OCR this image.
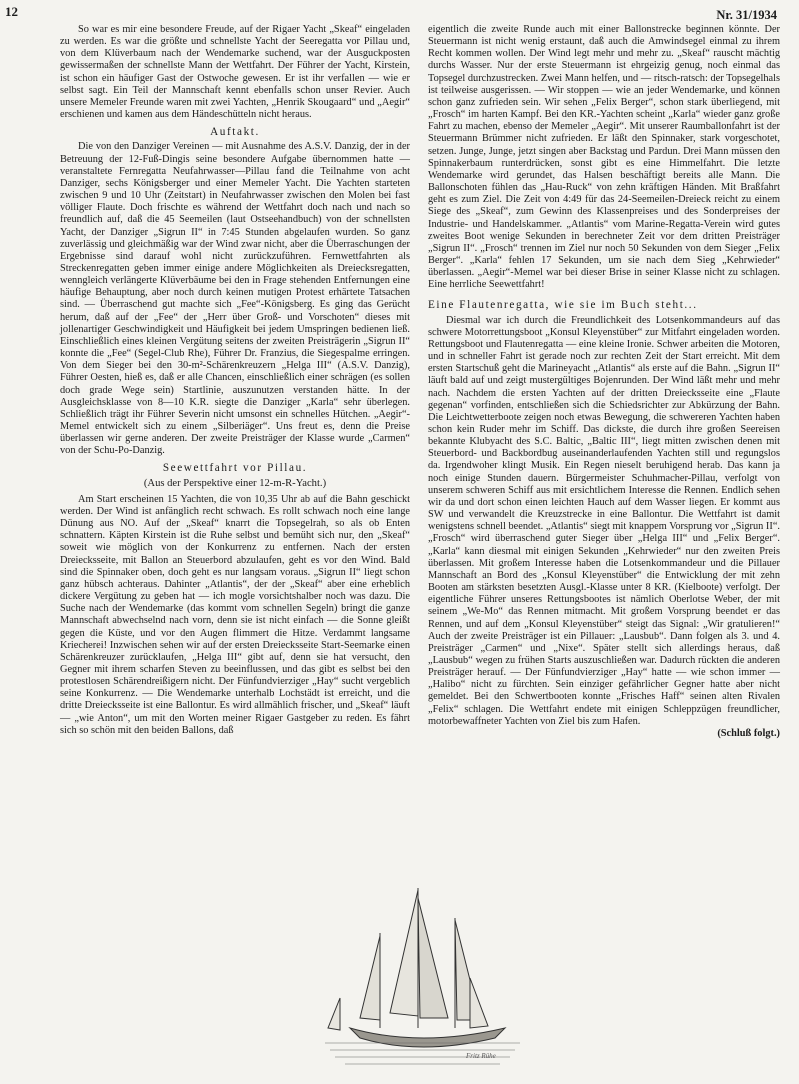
12	Nr. 31/1934

So war es mir eine besondere Freude, auf der Rigaer Yacht „Skeaf“ eingeladen zu werden. Es war die größte und schnellste Yacht der Seeregatta vor Pillau und, von dem Klüverbaum nach der Wendemarke suchend, war der Ausguckposten gewissermaßen der schnellste Mann der Wettfahrt. Der Führer der Yacht, Kirstein, ist schon ein häufiger Gast der Ostwoche gewesen. Er ist ihr verfallen — wie er selbst sagt. Ein Teil der Mannschaft kennt ebenfalls schon unser Revier. Auch unsere Memeler Freunde waren mit zwei Yachten, „Henrik Skougaard“ und „Aegir“ erschienen und kamen aus dem Händeschütteln nicht heraus.

Auftakt.

Die von den Danziger Vereinen — mit Ausnahme des A.S.V. Danzig, der in der Betreuung der 12-Fuß-Dingis seine besondere Aufgabe übernommen hatte — veranstaltete Fernregatta Neufahrwasser—Pillau fand die Teilnahme von acht Danziger, sechs Königsberger und einer Memeler Yacht. Die Yachten starteten zwischen 9 und 10 Uhr (Zeitstart) in Neufahrwasser zwischen den Molen bei fast völliger Flaute. Doch frischte es während der Wettfahrt doch nach und nach so freundlich auf, daß die 45 Seemeilen (laut Ostseehandbuch) von der schnellsten Yacht, der Danziger „Sigrun II“ in 7:45 Stunden abgelaufen wurden. So ganz zuverlässig und gleichmäßig war der Wind zwar nicht, aber die Überraschungen der Ergebnisse sind darauf wohl nicht zurückzuführen. Fernwettfahrten als Streckenregatten geben immer einige andere Möglichkeiten als Dreiecksregatten, wenngleich verlängerte Klüverbäume bei den in Frage stehenden Entfernungen eine häufige Behauptung, aber noch durch keinen mutigen Protest erhärtete Tatsachen sind. — Überraschend gut machte sich „Fee“-Königsberg. Es ging das Gerücht herum, daß auf der „Fee“ der „Herr über Groß- und Vorschoten“ dieses mit jollenartiger Geschwindigkeit und Häufigkeit bei jedem Umspringen bedienen ließ. Einschließlich eines kleinen Vergütung seitens der zweiten Preisträgerin „Sigrun II“ konnte die „Fee“ (Segel-Club Rhe), Führer Dr. Franzius, die Siegespalme erringen. Von dem Sieger bei den 30-m²-Schärenkreuzern „Helga III“ (A.S.V. Danzig), Führer Oesten, hieß es, daß er alle Chancen, einschließlich einer schrägen (es sollen doch grade Wege sein) Startlinie, auszunutzen verstanden hätte. In der Ausgleichsklasse von 8—10 K.R. siegte die Danziger „Karla“ sehr überlegen. Schließlich trägt ihr Führer Severin nicht umsonst ein schnelles Hütchen. „Aegir“-Memel entwickelt sich zu einem „Silberiäger“. Uns freut es, denn die Preise überlassen wir gerne anderen. Der zweite Preisträger der Klasse wurde „Carmen“ von der Schu-Po-Danzig.

Seewettfahrt vor Pillau.
(Aus der Perspektive einer 12-m-R-Yacht.)

Am Start erscheinen 15 Yachten, die von 10,35 Uhr ab auf die Bahn geschickt werden. Der Wind ist anfänglich recht schwach. Es rollt schwach noch eine lange Dünung aus NO. Auf der „Skeaf“ knarrt die Topsegelrah, so als ob Enten schnattern. Käpten Kirstein ist die Ruhe selbst und bemüht sich nur, den „Skeaf“ soweit wie möglich von der Konkurrenz zu entfernen. Nach der ersten Dreiecksseite, mit Ballon an Steuerbord abzulaufen, geht es vor den Wind. Bald sind die Spinnaker oben, doch geht es nur langsam voraus. „Sigrun II“ liegt schon ganz hübsch achteraus. Dahinter „Atlantis“, der der „Skeaf“ aber eine erheblich dickere Vergütung zu geben hat — ich mogle vorsichtshalber noch was dazu. Die Suche nach der Wendemarke (das kommt vom schnellen Segeln) bringt die ganze Mannschaft abwechselnd nach vorn, denn sie ist nicht einfach — die Sonne gleißt gegen die Küste, und vor den Augen flimmert die Hitze. Verdammt langsame Kriecherei! Inzwischen sehen wir auf der ersten Dreiecksseite Start-Seemarke einen Schärenkreuzer zurücklaufen, „Helga III“ gibt auf, denn sie hat versucht, den Gegner mit ihrem scharfen Steven zu beeinflussen, und das gibt es selbst bei den protestlosen Schärendreißigern nicht. Der Fünfundvierziger „Hay“ sucht vergeblich seine Konkurrenz. — Die Wendemarke unterhalb Lochstädt ist erreicht, und die dritte Dreiecksseite ist eine Ballontur. Es wird allmählich frischer, und „Skeaf“ läuft — „wie Anton“, um mit den Worten meiner Rigaer Gastgeber zu reden. Es fährt sich so schön mit den beiden Ballons, daß

eigentlich die zweite Runde auch mit einer Ballonstrecke beginnen könnte. Der Steuermann ist nicht wenig erstaunt, daß auch die Amwindsegel einmal zu ihrem Recht kommen wollen. Der Wind legt mehr und mehr zu. „Skeaf“ rauscht mächtig durchs Wasser. Nur der erste Steuermann ist ehrgeizig genug, noch einmal das Topsegel durchzustrecken. Zwei Mann helfen, und — ritsch-ratsch: der Topsegelhals ist teilweise ausgerissen. — Wir stoppen — wie an jeder Wendemarke, und können schon ganz zufrieden sein. Wir sehen „Felix Berger“, schon stark überliegend, mit „Frosch“ im harten Kampf. Bei den KR.-Yachten scheint „Karla“ wieder ganz große Fahrt zu machen, ebenso der Memeler „Aegir“. Mit unserer Raumballonfahrt ist der Steuermann Brümmer nicht zufrieden. Er läßt den Spinnaker, stark vorgeschotet, setzen. Junge, Junge, jetzt singen aber Backstag und Pardun. Drei Mann müssen den Spinnakerbaum runterdrücken, sonst gibt es eine Himmelfahrt. Die letzte Wendemarke wird gerundet, das Halsen beschäftigt bereits alle Mann. Die Ballonschoten fühlen das „Hau-Ruck“ von zehn kräftigen Händen. Mit Braßfahrt geht es zum Ziel. Die Zeit von 4:49 für das 24-Seemeilen-Dreieck reicht zu einem Siege des „Skeaf“, zum Gewinn des Klassenpreises und des Sonderpreises der Industrie- und Handelskammer. „Atlantis“ vom Marine-Regatta-Verein wird gutes zweites Boot wenige Sekunden in berechneter Zeit vor dem dritten Preisträger „Sigrun II“. „Frosch“ trennen im Ziel nur noch 50 Sekunden von dem Sieger „Felix Berger“. „Karla“ fehlen 17 Sekunden, um sie nach dem Sieg „Kehrwieder“ überlassen. „Aegir“-Memel war bei dieser Brise in seiner Klasse nicht zu schlagen. Eine herrliche Seewettfahrt!

Eine Flautenregatta, wie sie im Buch steht...

Diesmal war ich durch die Freundlichkeit des Lotsenkommandeurs auf das schwere Motorrettungsboot „Konsul Kleyenstüber“ zur Mitfahrt eingeladen worden. Rettungsboot und Flautenregatta — eine kleine Ironie. Schwer arbeiten die Motoren, und in schneller Fahrt ist gerade noch zur rechten Zeit der Start erreicht. Mit dem ersten Startschuß geht die Marineyacht „Atlantis“ als erste auf die Bahn. „Sigrun II“ läuft bald auf und zeigt mustergültiges Bojenrunden. Der Wind läßt mehr und mehr nach. Nachdem die ersten Yachten auf der dritten Dreiecksseite eine „Flaute gegenan“ vorfinden, entschließen sich die Schiedsrichter zur Abkürzung der Bahn. Die Leichtwetterboote zeigen noch etwas Bewegung, die schwereren Yachten haben schon kein Ruder mehr im Schiff. Das dickste, die durch ihre großen Seereisen bekannte Klubyacht des S.C. Baltic, „Baltic III“, liegt mitten zwischen denen mit Steuerbord- und Backbordbug auseinanderlaufenden Yachten still und regungslos da. Irgendwoher klingt Musik. Ein Regen nieselt beruhigend herab. Das kann ja noch einige Stunden dauern. Bürgermeister Schuhmacher-Pillau, verfolgt von unserem schweren Schiff aus mit ersichtlichem Interesse die Rennen. Endlich sehen wir da und dort schon einen leichten Hauch auf dem Wasser liegen. Er kommt aus SW und verwandelt die Kreuzstrecke in eine Ballontur. Die Wettfahrt ist damit wenigstens schnell beendet. „Atlantis“ siegt mit knappem Vorsprung vor „Sigrun II“. „Frosch“ wird überraschend guter Sieger über „Helga III“ und „Felix Berger“. „Karla“ kann diesmal mit einigen Sekunden „Kehrwieder“ nur den zweiten Preis überlassen. Mit großem Interesse haben die Lotsenkommandeur und die Pillauer Mannschaft an Bord des „Konsul Kleyenstüber“ die Entwicklung der mit zehn Booten am stärksten besetzten Ausgl.-Klasse unter 8 KR. (Kielboote) verfolgt. Der eigentliche Führer unseres Rettungsbootes ist nämlich Oberlotse Weber, der mit seinem „We-Mo“ das Rennen mitmacht. Mit großem Vorsprung beendet er das Rennen, und auf dem „Konsul Kleyenstüber“ steigt das Signal: „Wir gratulieren!“ Auch der zweite Preisträger ist ein Pillauer: „Lausbub“. Dann folgen als 3. und 4. Preisträger „Carmen“ und „Nixe“. Später stellt sich allerdings heraus, daß „Lausbub“ wegen zu frühen Starts auszuschließen war. Dadurch rückten die anderen Preisträger herauf. — Der Fünfundvierziger „Hay“ hatte — wie schon immer — „Halibo“ nicht zu fürchten. Sein einziger gefährlicher Gegner hatte aber nicht gemeldet. Bei den Schwertbooten konnte „Frisches Haff“ seinen alten Rivalen „Felix“ schlagen. Die Wettfahrt endete mit einigen Schleppzügen freundlicher, motorbewaffneter Yachten von Ziel bis zum Hafen.

(Schluß folgt.)
Fritz Rühe
